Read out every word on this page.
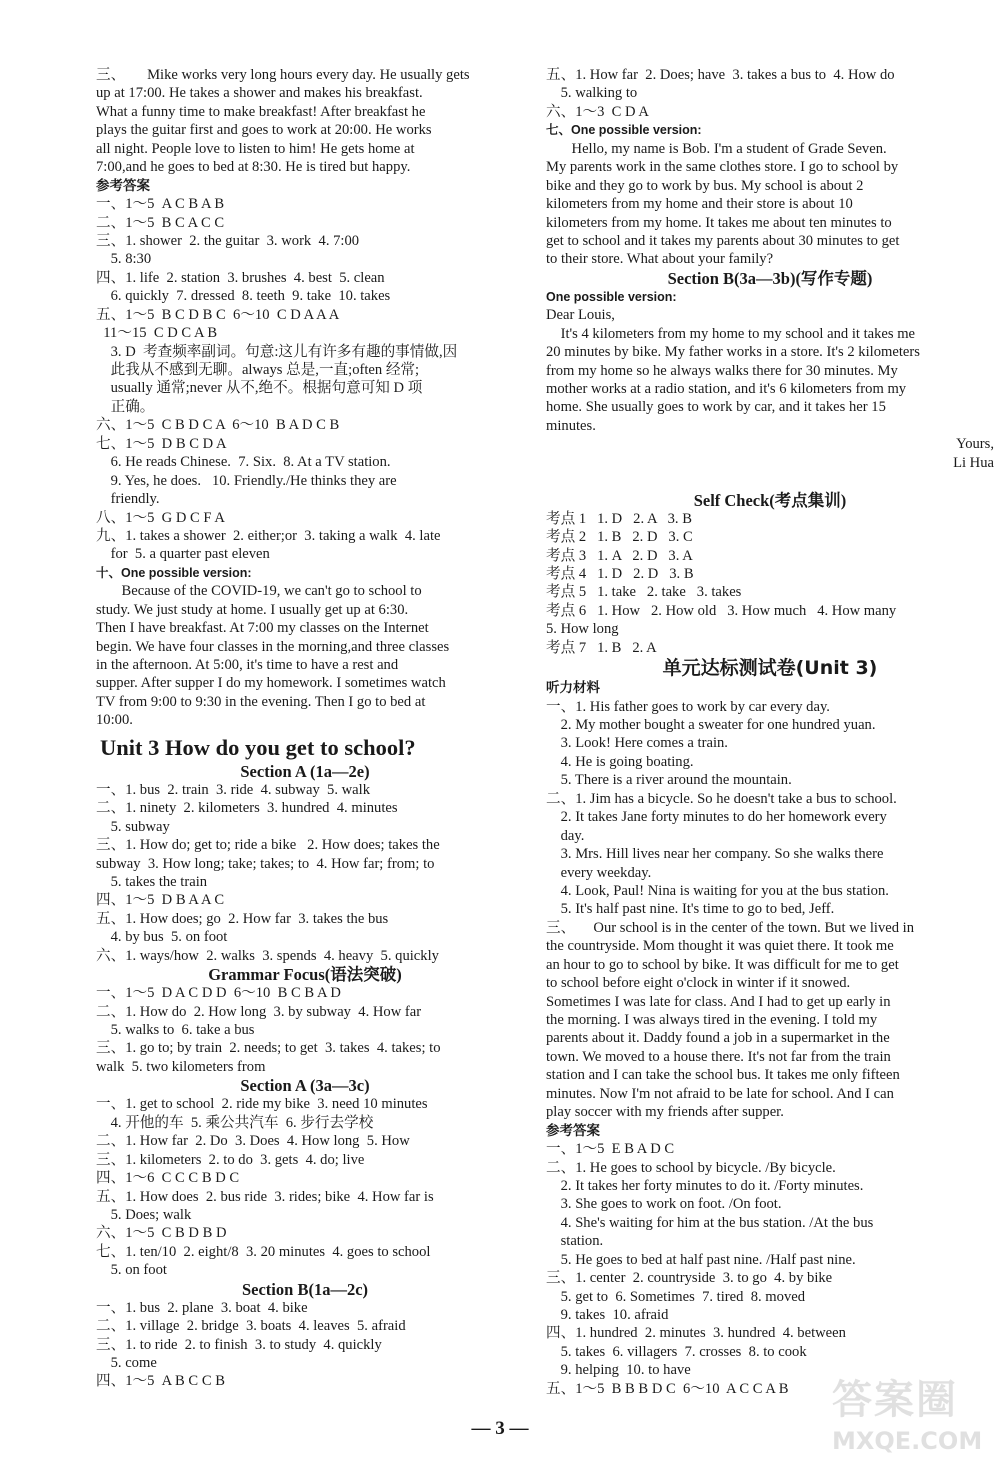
三、      Mike works very long hours every day. He usually gets
up at 17:00. He takes a shower and makes his breakfast.
What a funny time to make breakfast! After breakfast he
plays the guitar first and goes to work at 20:00. He works
all night. People love to listen to him! He gets home at
7:00,and he goes to bed at 8:30. He is tired but happy.
参考答案
一、1～5  A C B A B
二、1～5  B C A C C
三、1. shower  2. the guitar  3. work  4. 7:00
5. 8:30
四、1. life  2. station  3. brushes  4. best  5. clean
6. quickly  7. dressed  8. teeth  9. take  10. takes
五、1～5  B C D B C  6～10  C D A A A
11～15  C D C A B
3. D  考查频率副词。句意:这儿有许多有趣的事情做,因
此我从不感到无聊。always 总是,一直;often 经常;
usually 通常;never 从不,绝不。根据句意可知 D 项
正确。
六、1～5  C B D C A  6～10  B A D C B
七、1～5  D B C D A
6. He reads Chinese.  7. Six.  8. At a TV station.
9. Yes, he does.   10. Friendly./He thinks they are
friendly.
八、1～5  G D C F A
九、1. takes a shower  2. either;or  3. taking a walk  4. late
for  5. a quarter past eleven
十、One possible version:
Because of the COVID-19, we can't go to school to
study. We just study at home. I usually get up at 6:30.
Then I have breakfast. At 7:00 my classes on the Internet
begin. We have four classes in the morning,and three classes
in the afternoon. At 5:00, it's time to have a rest and
supper. After supper I do my homework. I sometimes watch
TV from 9:00 to 9:30 in the evening. Then I go to bed at
10:00.
Unit 3 How do you get to school?
Section A (1a—2e)
一、1. bus  2. train  3. ride  4. subway  5. walk
二、1. ninety  2. kilometers  3. hundred  4. minutes
5. subway
三、1. How do; get to; ride a bike   2. How does; takes the
subway  3. How long; take; takes; to  4. How far; from; to
5. takes the train
四、1～5  D B A A C
五、1. How does; go  2. How far  3. takes the bus
4. by bus  5. on foot
六、1. ways/how  2. walks  3. spends  4. heavy  5. quickly
Grammar Focus(语法突破)
一、1～5  D A C D D  6～10  B C B A D
二、1. How do  2. How long  3. by subway  4. How far
5. walks to  6. take a bus
三、1. go to; by train  2. needs; to get  3. takes  4. takes; to
walk  5. two kilometers from
Section A (3a—3c)
一、1. get to school  2. ride my bike  3. need 10 minutes
4. 开他的车  5. 乘公共汽车  6. 步行去学校
二、1. How far  2. Do  3. Does  4. How long  5. How
三、1. kilometers  2. to do  3. gets  4. do; live
四、1～6  C C C B D C
五、1. How does  2. bus ride  3. rides; bike  4. How far is
5. Does; walk
六、1～5  C B D B D
七、1. ten/10  2. eight/8  3. 20 minutes  4. goes to school
5. on foot
Section B(1a—2c)
一、1. bus  2. plane  3. boat  4. bike
二、1. village  2. bridge  3. boats  4. leaves  5. afraid
三、1. to ride  2. to finish  3. to study  4. quickly
5. come
四、1～5  A B C C B
五、1. How far  2. Does; have  3. takes a bus to  4. How do
5. walking to
六、1～3  C D A
七、One possible version:
Hello, my name is Bob. I'm a student of Grade Seven.
My parents work in the same clothes store. I go to school by
bike and they go to work by bus. My school is about 2
kilometers from my home and their store is about 10
kilometers from my home. It takes me about ten minutes to
get to school and it takes my parents about 30 minutes to get
to their store. What about your family?
Section B(3a—3b)(写作专题)
One possible version:
Dear Louis,
It's 4 kilometers from my home to my school and it takes me
20 minutes by bike. My father works in a store. It's 2 kilometers
from my home so he always walks there for 30 minutes. My
mother works at a radio station, and it's 6 kilometers from my
home. She usually goes to work by car, and it takes her 15
minutes.
Yours,
Li Hua
Self Check(考点集训)
考点 1   1. D   2. A   3. B
考点 2   1. B   2. D   3. C
考点 3   1. A   2. D   3. A
考点 4   1. D   2. D   3. B
考点 5   1. take   2. take   3. takes
考点 6   1. How   2. How old   3. How much   4. How many
5. How long
考点 7   1. B   2. A
单元达标测试卷(Unit 3)
听力材料
一、1. His father goes to work by car every day.
2. My mother bought a sweater for one hundred yuan.
3. Look! Here comes a train.
4. He is going boating.
5. There is a river around the mountain.
二、1. Jim has a bicycle. So he doesn't take a bus to school.
2. It takes Jane forty minutes to do her homework every
day.
3. Mrs. Hill lives near her company. So she walks there
every weekday.
4. Look, Paul! Nina is waiting for you at the bus station.
5. It's half past nine. It's time to go to bed, Jeff.
三、     Our school is in the center of the town. But we lived in
the countryside. Mom thought it was quiet there. It took me
an hour to go to school by bike. It was difficult for me to get
to school before eight o'clock in winter if it snowed.
Sometimes I was late for class. And I had to get up early in
the morning. I was always tired in the evening. I told my
parents about it. Daddy found a job in a supermarket in the
town. We moved to a house there. It's not far from the train
station and I can take the school bus. It takes me only fifteen
minutes. Now I'm not afraid to be late for school. And I can
play soccer with my friends after supper.
参考答案
一、1～5  E B A D C
二、1. He goes to school by bicycle. /By bicycle.
2. It takes her forty minutes to do it. /Forty minutes.
3. She goes to work on foot. /On foot.
4. She's waiting for him at the bus station. /At the bus
station.
5. He goes to bed at half past nine. /Half past nine.
三、1. center  2. countryside  3. to go  4. by bike
5. get to  6. Sometimes  7. tired  8. moved
9. takes  10. afraid
四、1. hundred  2. minutes  3. hundred  4. between
5. takes  6. villagers  7. crosses  8. to cook
9. helping  10. to have
五、1～5  B B B D C  6～10  A C C A B
— 3 —
答案圈
MXQE.COM
